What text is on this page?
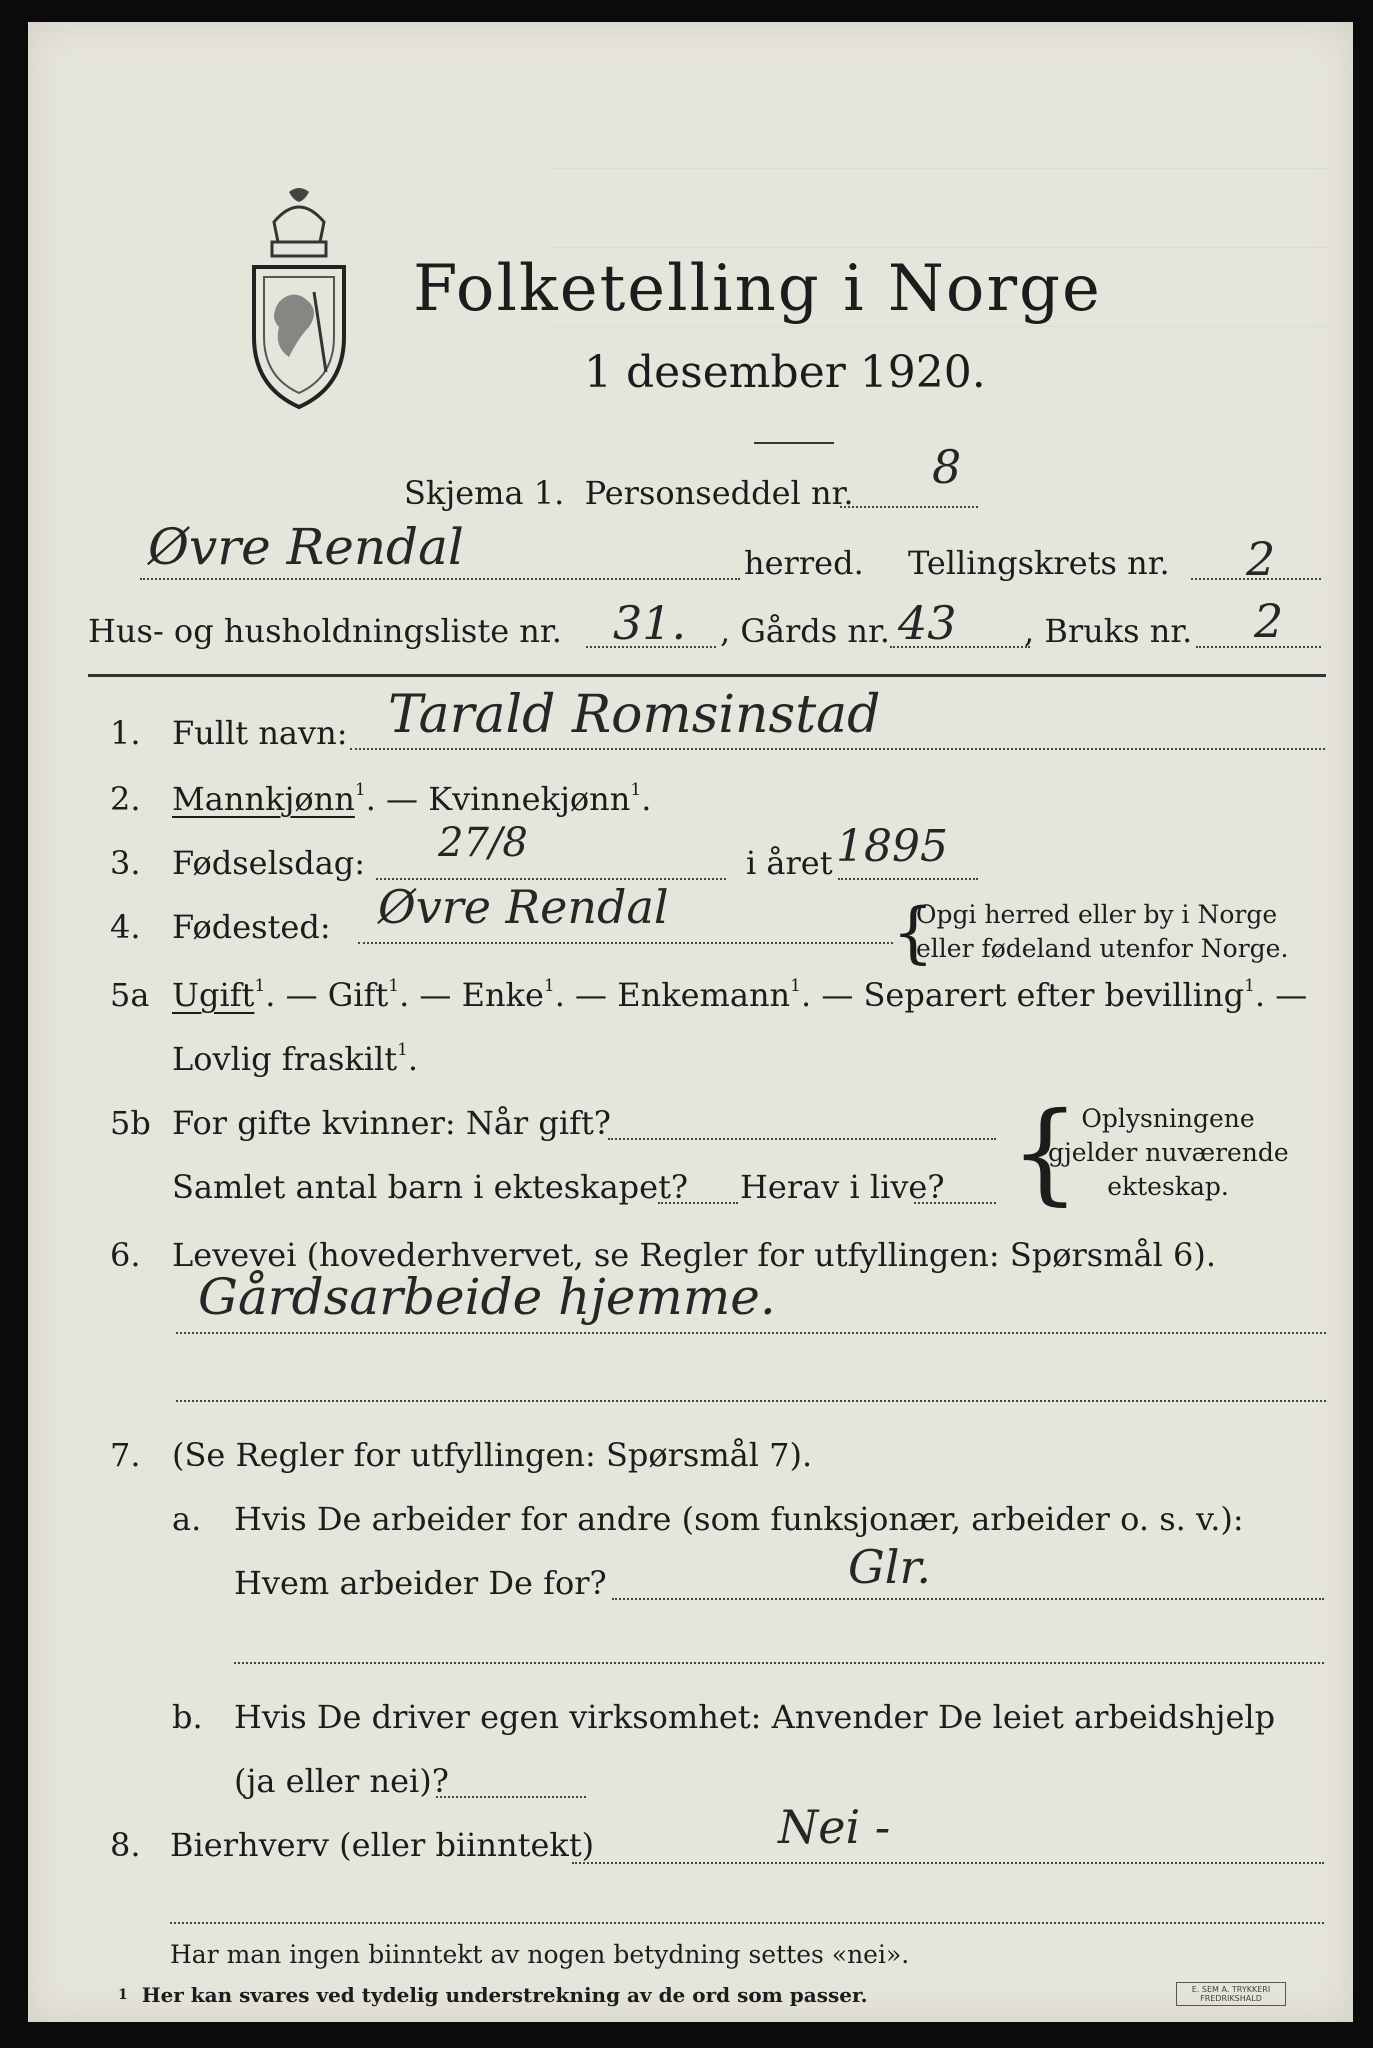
Folketelling i Norge
1 desember 1920.
Skjema 1. Personseddel nr. 8
Øvre Rendal	herred. Tellingskrets nr. 2
Hus- og husholdningsliste nr. 31. , Gårds nr. 43 , Bruks nr. 2
1. Fullt navn: Tarald Romsinstad
2. Mannkjønn$^1$. — Kvinnekjønn$^1$.
3. Fødselsdag: 27/8	i året 1895
4. Fødested: Øvre Rendal	{
Opgi herred eller by i Norge
eller fødeland utenfor Norge.
5a Ugift$^1$. — Gift$^1$. — Enke$^1$. — Enkemann$^1$. — Separert efter bevilling$^1$. —
Lovlig fraskilt$^1$.
5b For gifte kvinner: Når gift?
Samlet antal barn i ekteskapet? Herav i live? { Oplysningene
gjelder nuværende
ekteskap.
6. Levevei (hovederhvervet, se Regler for utfyllingen: Spørsmål 6).
Gårdsarbeide hjemme.
7. (Se Regler for utfyllingen: Spørsmål 7).
a. Hvis De arbeider for andre (som funksjonær, arbeider o. s. v.):
Hvem arbeider De for?	Glr.
b. Hvis De driver egen virksomhet: Anvender De leiet arbeidshjelp
(ja eller nei)?
8. Bierhverv (eller biinntekt)	Nei -
Har man ingen biinntekt av nogen betydning settes «nei».
$^1$ Her kan svares ved tydelig understrekning av de ord som passer.	E. SEM A. TRYKKERI FREDRIKSHALD
